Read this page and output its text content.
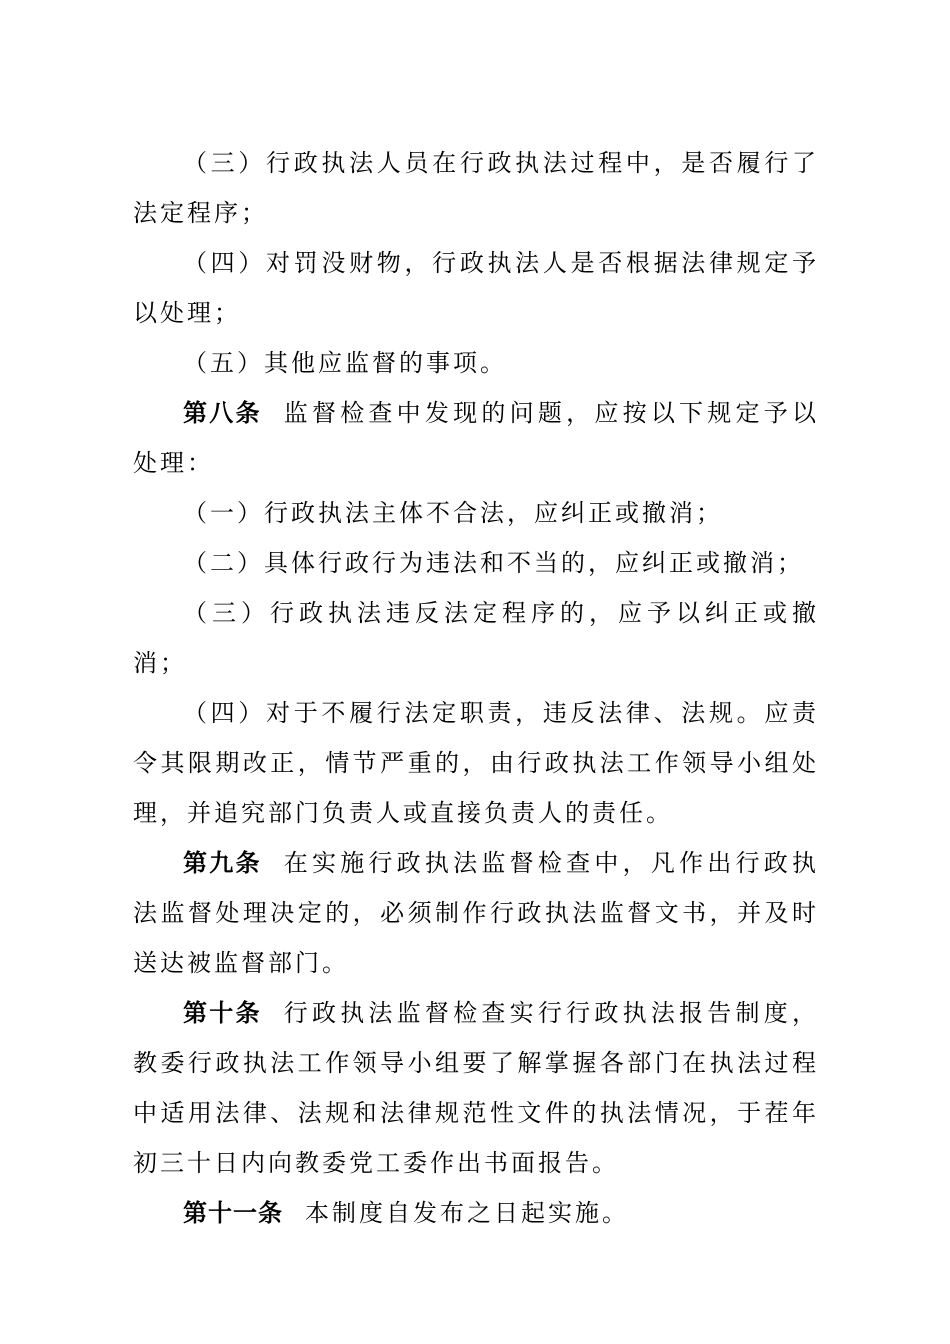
（三）行政执法人员在行政执法过程中，是否履行了法定程序；

（四）对罚没财物，行政执法人是否根据法律规定予以处理；

（五）其他应监督的事项。

第八条 监督检查中发现的问题，应按以下规定予以处理：

（一）行政执法主体不合法，应纠正或撤消；

（二）具体行政行为违法和不当的，应纠正或撤消；

（三）行政执法违反法定程序的，应予以纠正或撤消；

（四）对于不履行法定职责，违反法律、法规。应责令其限期改正，情节严重的，由行政执法工作领导小组处理，并追究部门负责人或直接负责人的责任。

第九条 在实施行政执法监督检查中，凡作出行政执法监督处理决定的，必须制作行政执法监督文书，并及时送达被监督部门。

第十条 行政执法监督检查实行行政执法报告制度，教委行政执法工作领导小组要了解掌握各部门在执法过程中适用法律、法规和法律规范性文件的执法情况，于茬年初三十日内向教委党工委作出书面报告。

第十一条 本制度自发布之日起实施。
